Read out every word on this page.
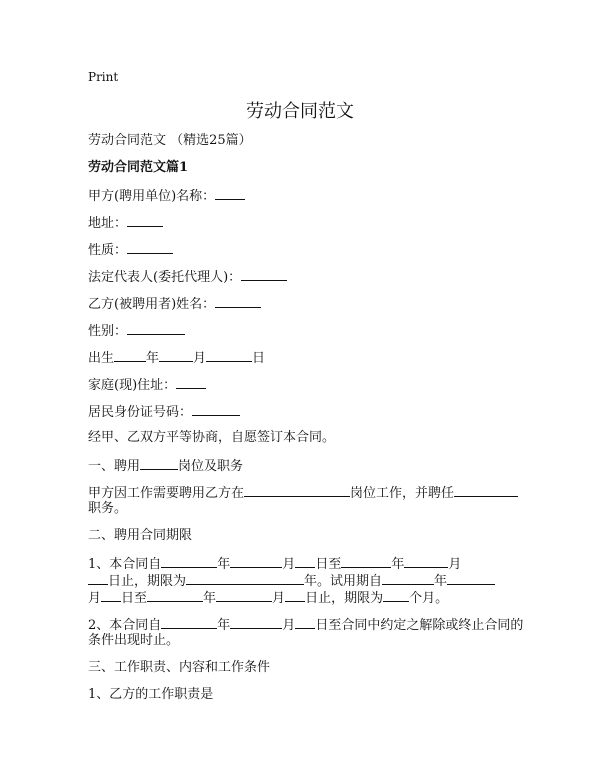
Print
劳动合同范文
劳动合同范文 （精选25篇）
劳动合同范文篇1
甲方(聘用单位)名称：
地址：
性质：
法定代表人(委托代理人)：
乙方(被聘用者)姓名：
性别：
出生 年	月	日
家庭(现)住址：
居民身份证号码：
经甲、乙双方平等协商，自愿签订本合同。
一、聘用	岗位及职务
甲方因工作需要聘用乙方在	岗位工作，并聘任
职务。
二、聘用合同期限
1、本合同自	年	月 日至	年	月
日止，期限为	年。试用期自	年
月 日至	年	月 日止，期限为 个月。
2、本合同自	年	月 日至合同中约定之解除或终止合同的
条件出现时止。
三、工作职责、内容和工作条件
1、乙方的工作职责是
